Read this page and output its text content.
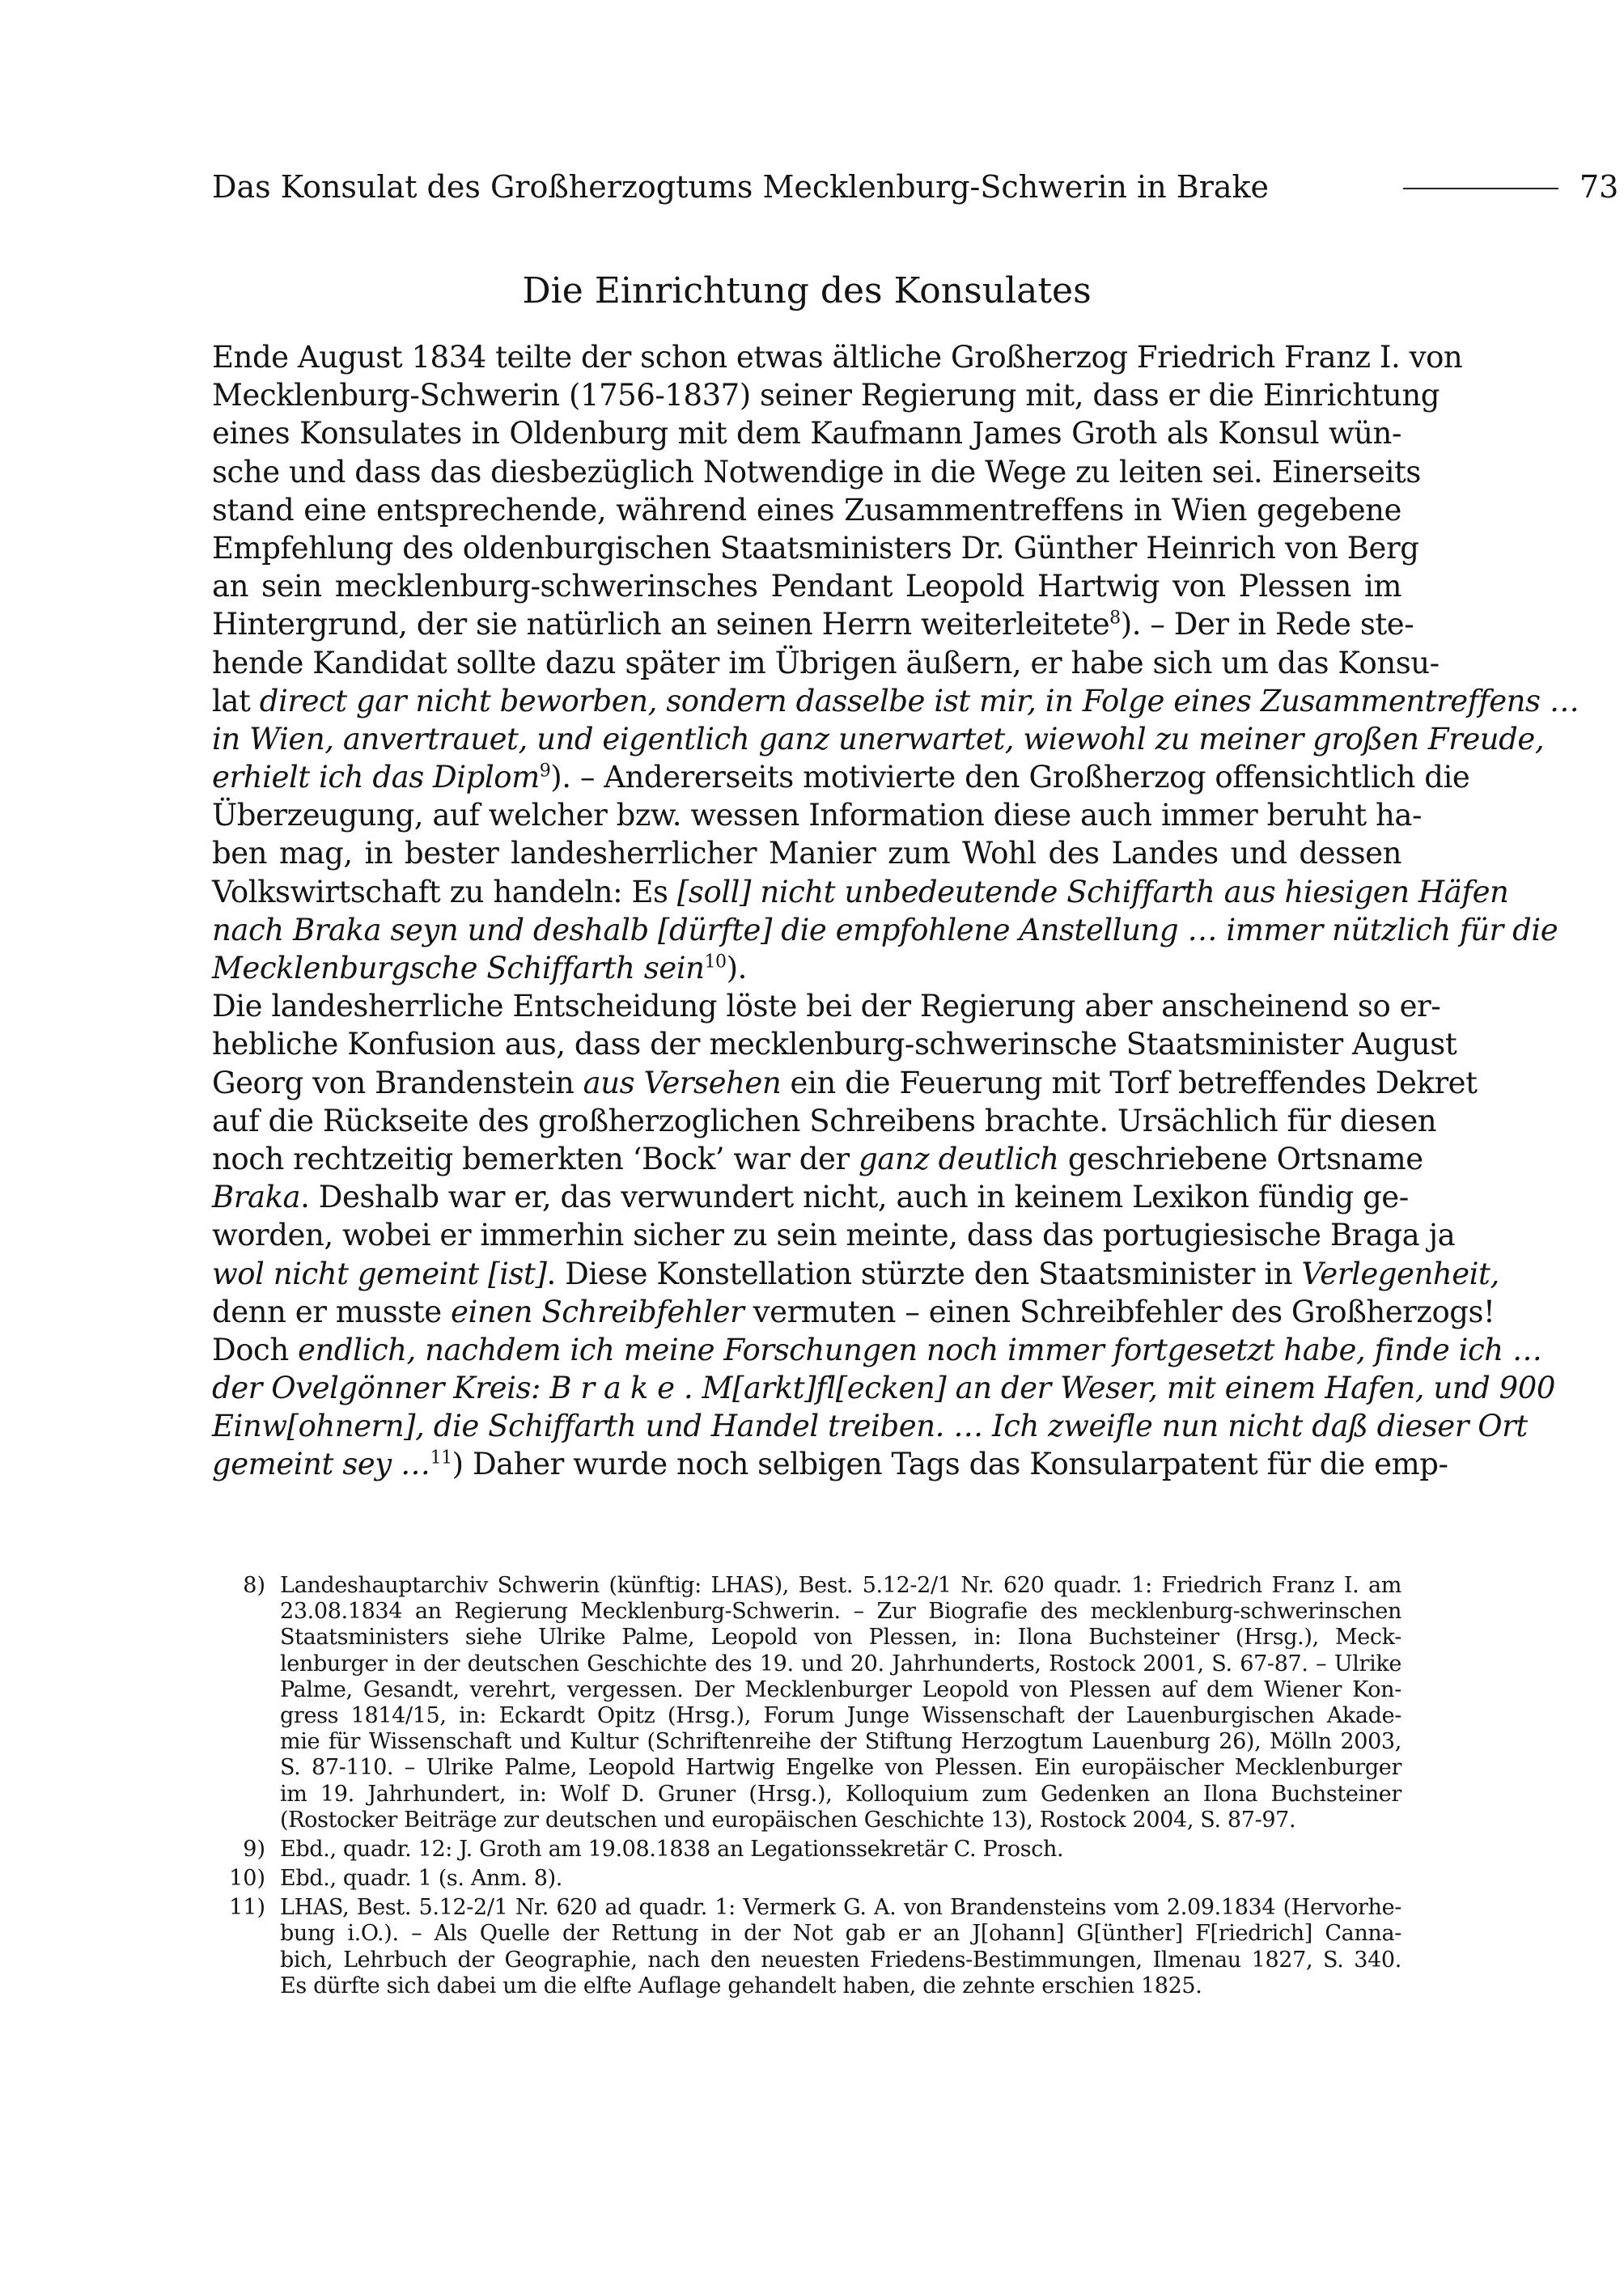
Das Konsulat des Großherzogtums Mecklenburg-Schwerin in Brake	73
Die Einrichtung des Konsulates
Ende August 1834 teilte der schon etwas ältliche Großherzog Friedrich Franz I. von
Mecklenburg-Schwerin (1756-1837) seiner Regierung mit, dass er die Einrichtung
eines Konsulates in Oldenburg mit dem Kaufmann James Groth als Konsul wün-
sche und dass das diesbezüglich Notwendige in die Wege zu leiten sei. Einerseits
stand eine entsprechende, während eines Zusammentreffens in Wien gegebene
Empfehlung des oldenburgischen Staatsministers Dr. Günther Heinrich von Berg
an sein mecklenburg-schwerinsches Pendant Leopold Hartwig von Plessen im
Hintergrund, der sie natürlich an seinen Herrn weiterleitete$^8$). – Der in Rede ste-
hende Kandidat sollte dazu später im Übrigen äußern, er habe sich um das Konsu-
lat direct gar nicht beworben, sondern dasselbe ist mir, in Folge eines Zusammentreffens …
in Wien, anvertrauet, und eigentlich ganz unerwartet, wiewohl zu meiner großen Freude,
erhielt ich das Diplom$^9$). – Andererseits motivierte den Großherzog offensichtlich die
Überzeugung, auf welcher bzw. wessen Information diese auch immer beruht ha-
ben mag, in bester landesherrlicher Manier zum Wohl des Landes und dessen
Volkswirtschaft zu handeln: Es [soll] nicht unbedeutende Schiffarth aus hiesigen Häfen
nach Braka seyn und deshalb [dürfte] die empfohlene Anstellung … immer nützlich für die
Mecklenburgsche Schiffarth sein$^{10}$).
Die landesherrliche Entscheidung löste bei der Regierung aber anscheinend so er-
hebliche Konfusion aus, dass der mecklenburg-schwerinsche Staatsminister August
Georg von Brandenstein aus Versehen ein die Feuerung mit Torf betreffendes Dekret
auf die Rückseite des großherzoglichen Schreibens brachte. Ursächlich für diesen
noch rechtzeitig bemerkten ‘Bock’ war der ganz deutlich geschriebene Ortsname
Braka. Deshalb war er, das verwundert nicht, auch in keinem Lexikon fündig ge-
worden, wobei er immerhin sicher zu sein meinte, dass das portugiesische Braga ja
wol nicht gemeint [ist]. Diese Konstellation stürzte den Staatsminister in Verlegenheit,
denn er musste einen Schreibfehler vermuten – einen Schreibfehler des Großherzogs!
Doch endlich, nachdem ich meine Forschungen noch immer fortgesetzt habe, finde ich …
der Ovelgönner Kreis: B r a k e . M[arkt]fl[ecken] an der Weser, mit einem Hafen, und 900
Einw[ohnern], die Schiffarth und Handel treiben. … Ich zweifle nun nicht daß dieser Ort
gemeint sey …$^{11}$) Daher wurde noch selbigen Tags das Konsularpatent für die emp-
8) Landeshauptarchiv Schwerin (künftig: LHAS), Best. 5.12-2/1 Nr. 620 quadr. 1: Friedrich Franz I. am
23.08.1834 an Regierung Mecklenburg-Schwerin. – Zur Biografie des mecklenburg-schwerinschen
Staatsministers siehe Ulrike Palme, Leopold von Plessen, in: Ilona Buchsteiner (Hrsg.), Meck-
lenburger in der deutschen Geschichte des 19. und 20. Jahrhunderts, Rostock 2001, S. 67-87. – Ulrike
Palme, Gesandt, verehrt, vergessen. Der Mecklenburger Leopold von Plessen auf dem Wiener Kon-
gress 1814/15, in: Eckardt Opitz (Hrsg.), Forum Junge Wissenschaft der Lauenburgischen Akade-
mie für Wissenschaft und Kultur (Schriftenreihe der Stiftung Herzogtum Lauenburg 26), Mölln 2003,
S. 87-110. – Ulrike Palme, Leopold Hartwig Engelke von Plessen. Ein europäischer Mecklenburger
im 19. Jahrhundert, in: Wolf D. Gruner (Hrsg.), Kolloquium zum Gedenken an Ilona Buchsteiner
(Rostocker Beiträge zur deutschen und europäischen Geschichte 13), Rostock 2004, S. 87-97.
9) Ebd., quadr. 12: J. Groth am 19.08.1838 an Legationssekretär C. Prosch.
10) Ebd., quadr. 1 (s. Anm. 8).
11) LHAS, Best. 5.12-2/1 Nr. 620 ad quadr. 1: Vermerk G. A. von Brandensteins vom 2.09.1834 (Hervorhe-
bung i.O.). – Als Quelle der Rettung in der Not gab er an J[ohann] G[ünther] F[riedrich] Canna-
bich, Lehrbuch der Geographie, nach den neuesten Friedens-Bestimmungen, Ilmenau 1827, S. 340.
Es dürfte sich dabei um die elfte Auflage gehandelt haben, die zehnte erschien 1825.
